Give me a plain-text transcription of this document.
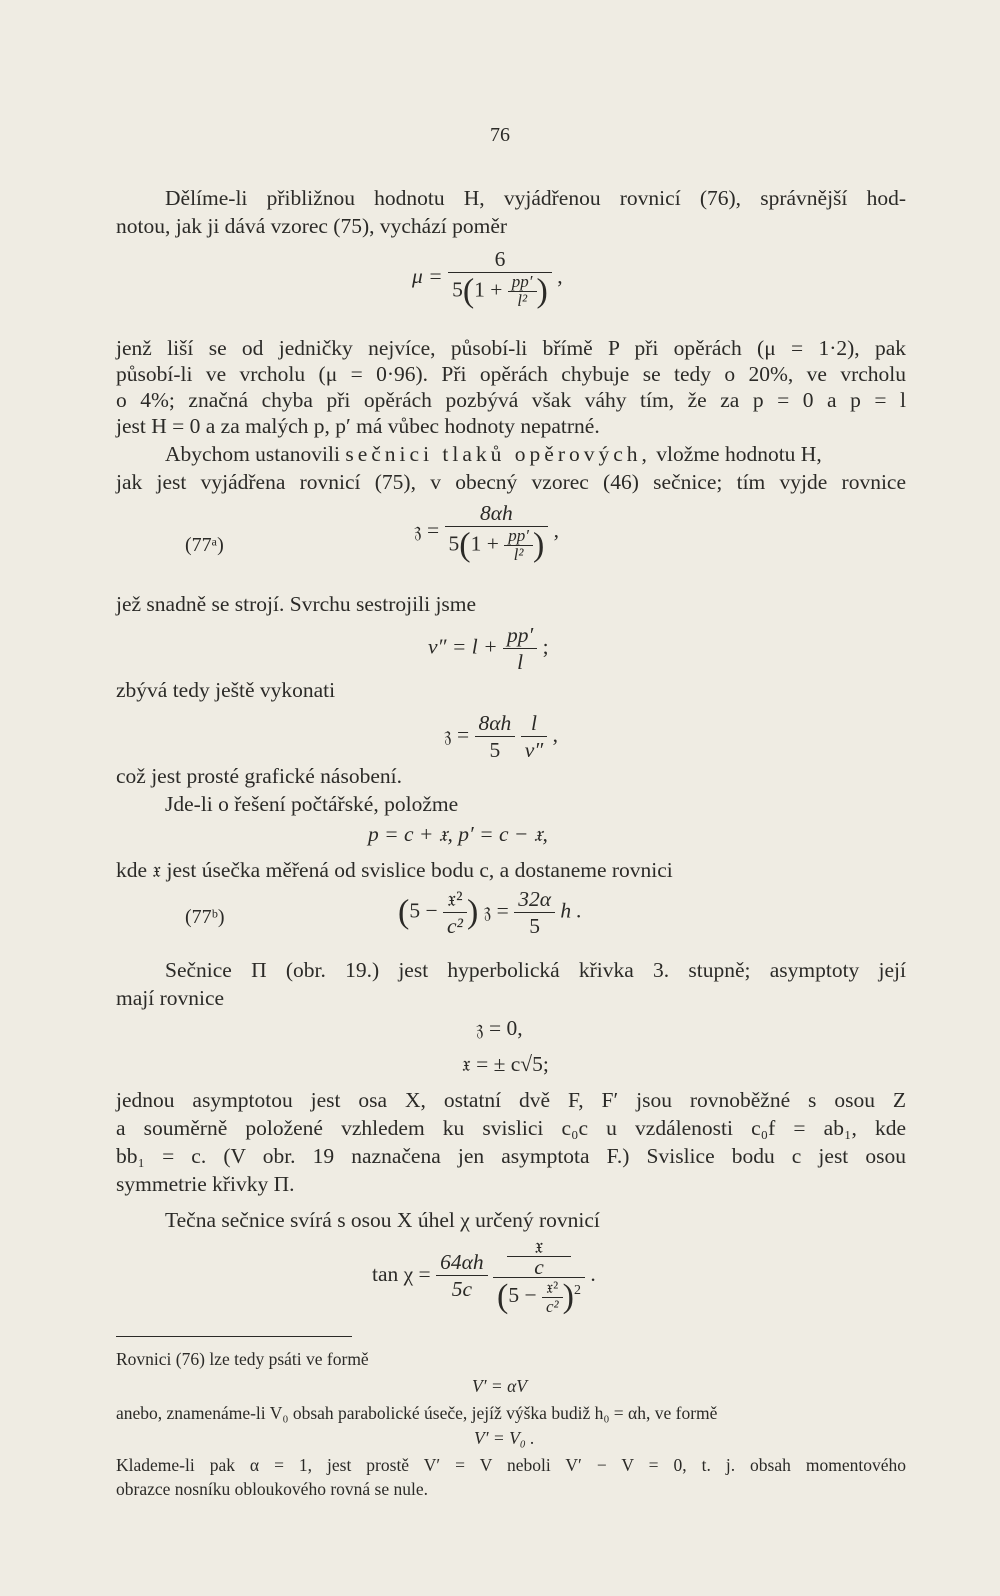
76
Dělíme-li přibližnou hodnotu H, vyjádřenou rovnicí (76), správnější hod-
notou, jak ji dává vzorec (75), vychází poměr
$\mu = \frac{6}{5(1 + \frac{pp'}{\text{l²}} )}$ ,
jenž liší se od jedničky nejvíce, působí-li břímě P při opěrách (μ = 1·2), pak
působí-li ve vrcholu (μ = 0·96). Při opěrách chybuje se tedy o 20%, ve vrcholu
o 4%; značná chyba při opěrách pozbývá však váhy tím, že za p = 0 a p = l
jest H = 0 a za malých p, p′ má vůbec hodnoty nepatrné.
Abychom ustanovili sečnici tlaků opěrových, vložme hodnotu H,
jak jest vyjádřena rovnicí (75), v obecný vzorec (46) sečnice; tím vyjde rovnice
(77ᵃ)
𝔷 = $\frac{8\alpha h}{5(1 + \frac{pp'}{\text{l²}} )}$ ,
jež snadně se strojí. Svrchu sestrojili jsme
$v'' = l + \frac{pp'}{l}$ ;
zbývá tedy ještě vykonati
𝔷 = $\frac{8\alpha h}{5}$
$\frac{l}{v''}$ ,
což jest prosté grafické násobení.
Jde-li o řešení počtářské, položme
p = c + 𝔵, p′ = c − 𝔵,
kde 𝔵 jest úsečka měřená od svislice bodu c, a dostaneme rovnici
(77ᵇ)	($5 - \frac{\text{𝔵²}}{\text{c²}}$ ) 𝔷 = $\frac{32\alpha}{5}$ h .
Sečnice Π (obr. 19.) jest hyperbolická křivka 3. stupně; asymptoty její
mají rovnice
𝔷 = 0,
𝔵 = ± c√5;
jednou asymptotou jest osa X, ostatní dvě F, F′ jsou rovnoběžné s osou Z
a souměrně položené vzhledem ku svislici c₀c u vzdálenosti c₀f = ab₁, kde
bb₁ = c. (V obr. 19 naznačena jen asymptota F.) Svislice bodu c jest osou
symmetrie křivky Π.
Tečna sečnice svírá s osou X úhel χ určený rovnicí
$\tan \chi = \frac{64\alpha h}{5c}$
𝔵
c
$(5 - \frac{\text{𝔵²}}{\text{c²}} )^2$ .
Rovnici (76) lze tedy psáti ve formě
V′ = αV
anebo, znamenáme-li V₀ obsah parabolické úseče, jejíž výška budiž h₀ = αh, ve formě
V′ = V₀ .
Klademe-li pak α = 1, jest prostě V′ = V neboli V′ − V = 0, t. j. obsah momentového
obrazce nosníku obloukového rovná se nule.
